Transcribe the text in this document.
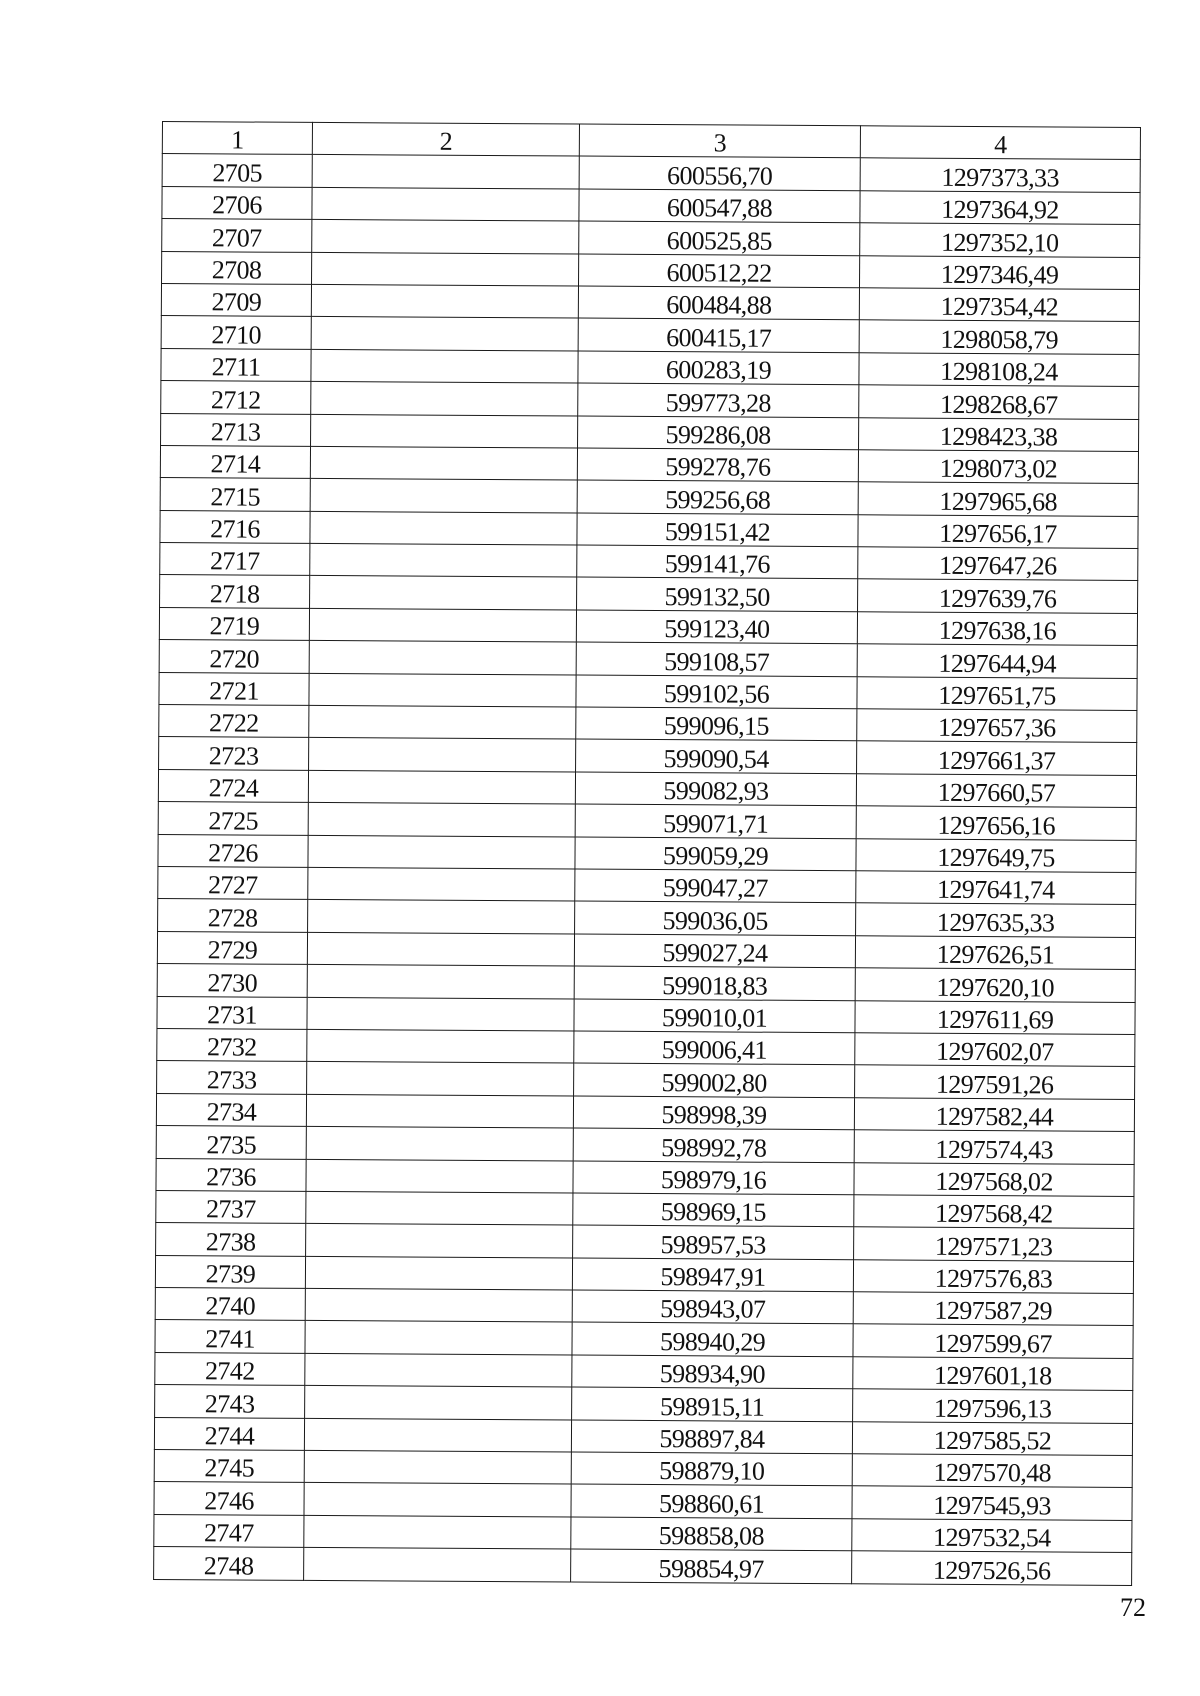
1	2	3	4
2705		600556,70	1297373,33
2706		600547,88	1297364,92
2707		600525,85	1297352,10
2708		600512,22	1297346,49
2709		600484,88	1297354,42
2710		600415,17	1298058,79
2711		600283,19	1298108,24
2712		599773,28	1298268,67
2713		599286,08	1298423,38
2714		599278,76	1298073,02
2715		599256,68	1297965,68
2716		599151,42	1297656,17
2717		599141,76	1297647,26
2718		599132,50	1297639,76
2719		599123,40	1297638,16
2720		599108,57	1297644,94
2721		599102,56	1297651,75
2722		599096,15	1297657,36
2723		599090,54	1297661,37
2724		599082,93	1297660,57
2725		599071,71	1297656,16
2726		599059,29	1297649,75
2727		599047,27	1297641,74
2728		599036,05	1297635,33
2729		599027,24	1297626,51
2730		599018,83	1297620,10
2731		599010,01	1297611,69
2732		599006,41	1297602,07
2733		599002,80	1297591,26
2734		598998,39	1297582,44
2735		598992,78	1297574,43
2736		598979,16	1297568,02
2737		598969,15	1297568,42
2738		598957,53	1297571,23
2739		598947,91	1297576,83
2740		598943,07	1297587,29
2741		598940,29	1297599,67
2742		598934,90	1297601,18
2743		598915,11	1297596,13
2744		598897,84	1297585,52
2745		598879,10	1297570,48
2746		598860,61	1297545,93
2747		598858,08	1297532,54
2748		598854,97	1297526,56
72
